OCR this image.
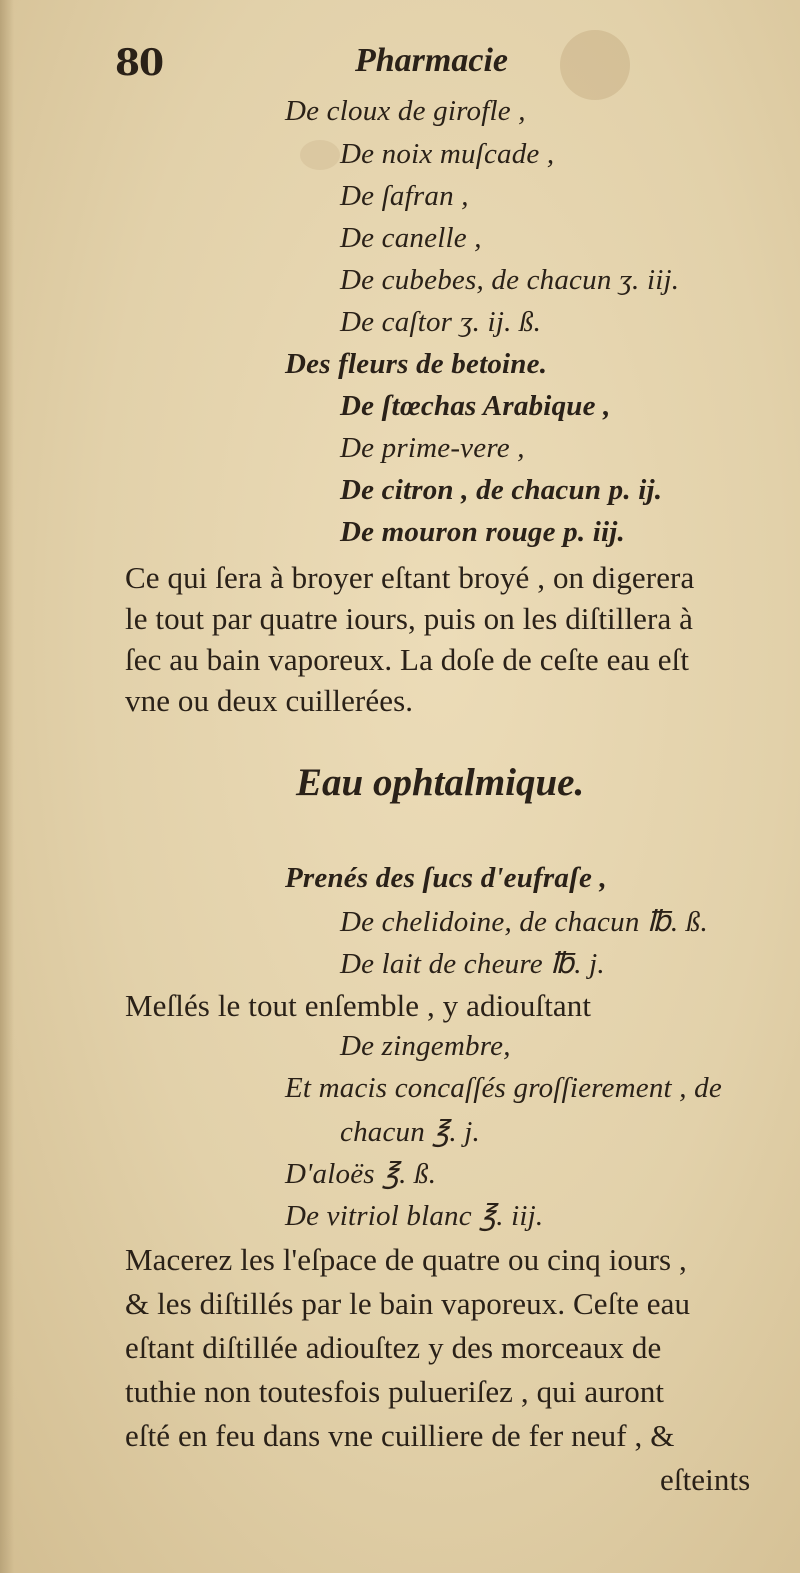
80	Pharmacie

De cloux de girofle ,

De noix muſcade ,

De ſafran ,

De canelle ,

De cubebes, de chacun ʒ. iij.

De caſtor ʒ. ij. ß.

Des fleurs de betoine.

De ſtœchas Arabique ,

De prime-vere ,

De citron , de chacun p. ij.

De mouron rouge p. iij.

Ce qui ſera à broyer eſtant broyé , on digerera

le tout par quatre iours, puis on les diſtillera à

ſec au bain vaporeux. La doſe de ceſte eau eſt

vne ou deux cuillerées.

Eau ophtalmique.

Prenés des ſucs d'eufraſe ,

De chelidoine, de chacun ℔. ß.

De lait de cheure ℔. j.

Meſlés le tout enſemble , y adiouſtant

De zingembre,

Et macis concaſſés groſſierement , de

chacun ℥. j.

D'aloës ℥. ß.

De vitriol blanc ℥. iij.

Macerez les l'eſpace de quatre ou cinq iours ,

& les diſtillés par le bain vaporeux. Ceſte eau

eſtant diſtillée adiouſtez y des morceaux de

tuthie non toutesfois pulueriſez , qui auront

eſté en feu dans vne cuilliere de fer neuf , &

eſteints
